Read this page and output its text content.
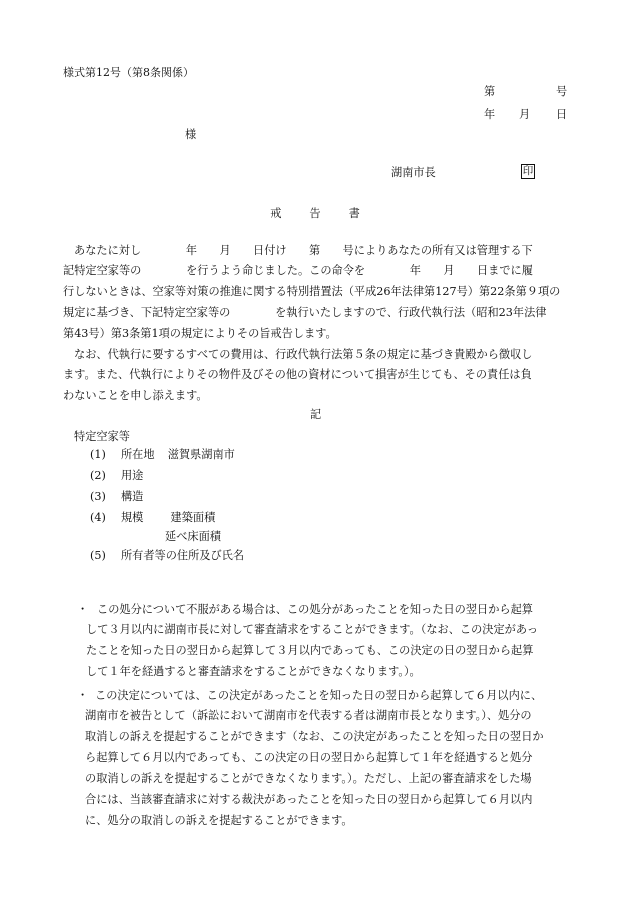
様式第12号（第8条関係）
第	号
年 月 日
様
湖南市長	印
戒	告	書
あなたに対し　　　　年　　月　　日付け　　第　　号によりあなたの所有又は管理する下
記特定空家等の　　　　を行うよう命じました。この命令を　　　　年　　月　　日までに履
行しないときは、空家等対策の推進に関する特別措置法（平成26年法律第127号）第22条第９項の
規定に基づき、下記特定空家等の　　　　を執行いたしますので、行政代執行法（昭和23年法律
第43号）第3条第1項の規定によりその旨戒告します。
なお、代執行に要するすべての費用は、行政代執行法第５条の規定に基づき貴殿から徴収し
ます。また、代執行によりその物件及びその他の資材について損害が生じても、その責任は負
わないことを申し添えます。
記
特定空家等
(1) 所在地 滋賀県湖南市
(2) 用途
(3) 構造
(4) 規模 建築面積
延べ床面積
(5) 所有者等の住所及び氏名
・ この処分について不服がある場合は、この処分があったことを知った日の翌日から起算
して３月以内に湖南市長に対して審査請求をすることができます。（なお、この決定があっ
たことを知った日の翌日から起算して３月以内であっても、この決定の日の翌日から起算
して１年を経過すると審査請求をすることができなくなります。）。
・ この決定については、この決定があったことを知った日の翌日から起算して６月以内に、
湖南市を被告として（訴訟において湖南市を代表する者は湖南市長となります。）、処分の
取消しの訴えを提起することができます（なお、この決定があったことを知った日の翌日か
ら起算して６月以内であっても、この決定の日の翌日から起算して１年を経過すると処分
の取消しの訴えを提起することができなくなります。）。ただし、上記の審査請求をした場
合には、当該審査請求に対する裁決があったことを知った日の翌日から起算して６月以内
に、処分の取消しの訴えを提起することができます。
